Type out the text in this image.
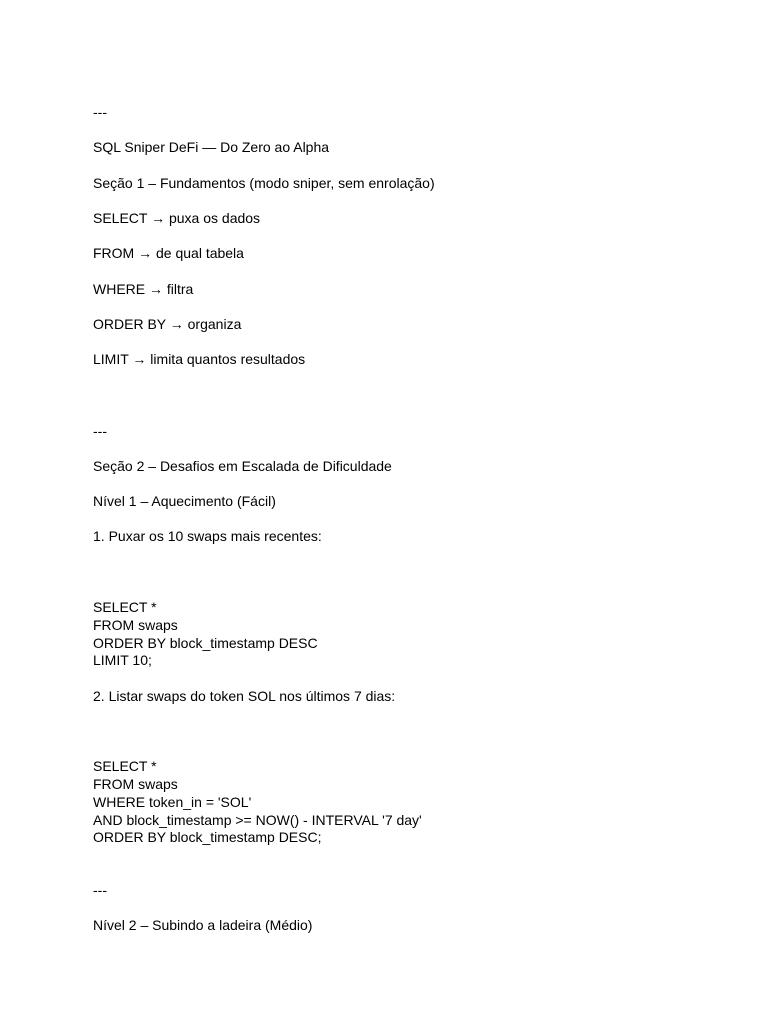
---
SQL Sniper DeFi — Do Zero ao Alpha
Seção 1 – Fundamentos (modo sniper, sem enrolação)
SELECT → puxa os dados
FROM → de qual tabela
WHERE → filtra
ORDER BY → organiza
LIMIT → limita quantos resultados
---
Seção 2 – Desafios em Escalada de Dificuldade
Nível 1 – Aquecimento (Fácil)
1. Puxar os 10 swaps mais recentes:
SELECT *
FROM swaps
ORDER BY block_timestamp DESC
LIMIT 10;
2. Listar swaps do token SOL nos últimos 7 dias:
SELECT *
FROM swaps
WHERE token_in = 'SOL'
AND block_timestamp >= NOW() - INTERVAL '7 day'
ORDER BY block_timestamp DESC;
---
Nível 2 – Subindo a ladeira (Médio)
